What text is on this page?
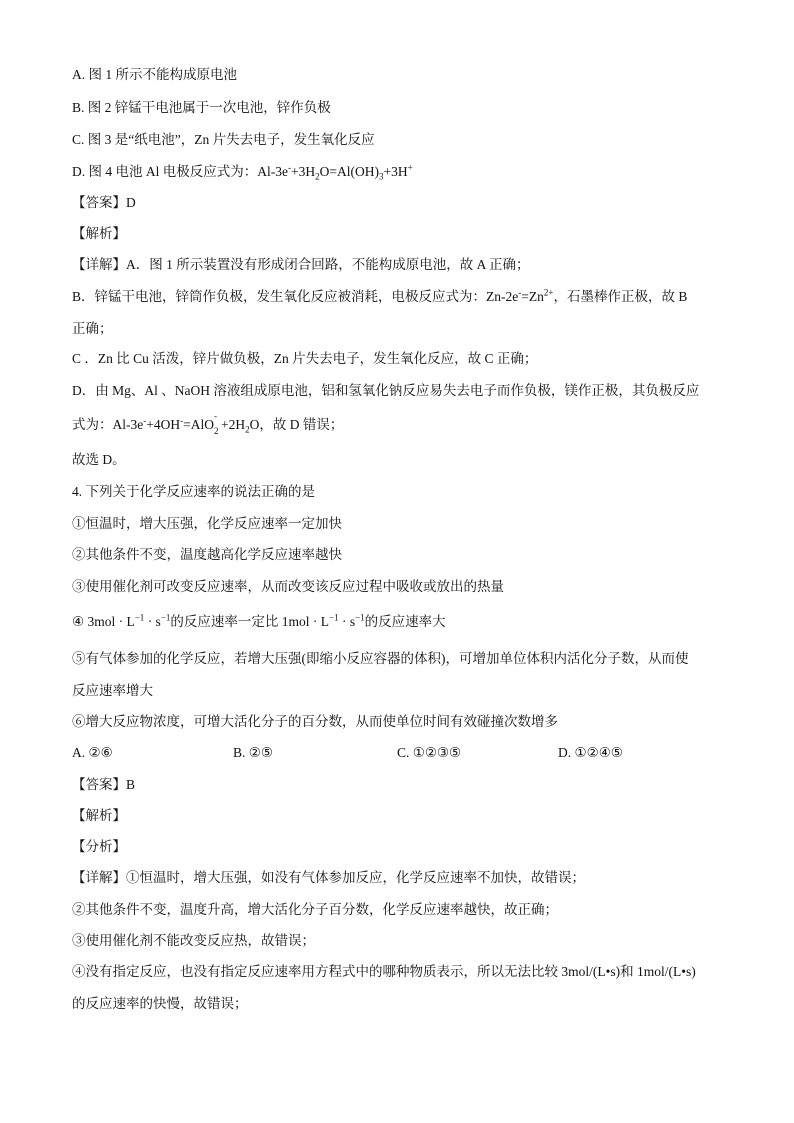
A. 图 1 所示不能构成原电池
B. 图 2 锌锰干电池属于一次电池，锌作负极
C. 图 3 是“纸电池”，Zn 片失去电子，发生氧化反应
D. 图 4 电池 Al 电极反应式为：$Al-3e^-+3H_2O=Al(OH)_3+3H^+$
【答案】D
【解析】
【详解】A．图 1 所示装置没有形成闭合回路，不能构成原电池，故 A 正确；
B．锌锰干电池，锌筒作负极，发生氧化反应被消耗，电极反应式为：$Zn-2e^-=Zn^{2+}$，石墨棒作正极，故 B
正确；
C ．Zn 比 Cu 活泼，锌片做负极，Zn 片失去电子，发生氧化反应，故 C 正确；
D．由 Mg、Al 、NaOH 溶液组成原电池，铝和氢氧化钠反应易失去电子而作负极，镁作正极，其负极反应
式为：Al-3e-+4OH-=AlO
-
$2 +2H_2O$，故 D 错误；
故选 D。
4. 下列关于化学反应速率的说法正确的是
①恒温时，增大压强，化学反应速率一定加快
②其他条件不变，温度越高化学反应速率越快
③使用催化剂可改变反应速率，从而改变该反应过程中吸收或放出的热量
④ $3mol \cdot L^{-1} \cdot s^{-1}$的反应速率一定比 $1mol \cdot L^{-1} \cdot s^{-1}$的反应速率大
⑤有气体参加的化学反应，若增大压强(即缩小反应容器的体积)，可增加单位体积内活化分子数，从而使
反应速率增大
⑥增大反应物浓度，可增大活化分子的百分数，从而使单位时间有效碰撞次数增多
A. ②⑥	B. ②⑤	C. ①②③⑤	D. ①②④⑤
【答案】B
【解析】
【分析】
【详解】①恒温时，增大压强，如没有气体参加反应，化学反应速率不加快，故错误；
②其他条件不变，温度升高，增大活化分子百分数，化学反应速率越快，故正确；
③使用催化剂不能改变反应热，故错误；
④没有指定反应，也没有指定反应速率用方程式中的哪种物质表示，所以无法比较 3mol/(L•s)和 1mol/(L•s)
的反应速率的快慢，故错误；
